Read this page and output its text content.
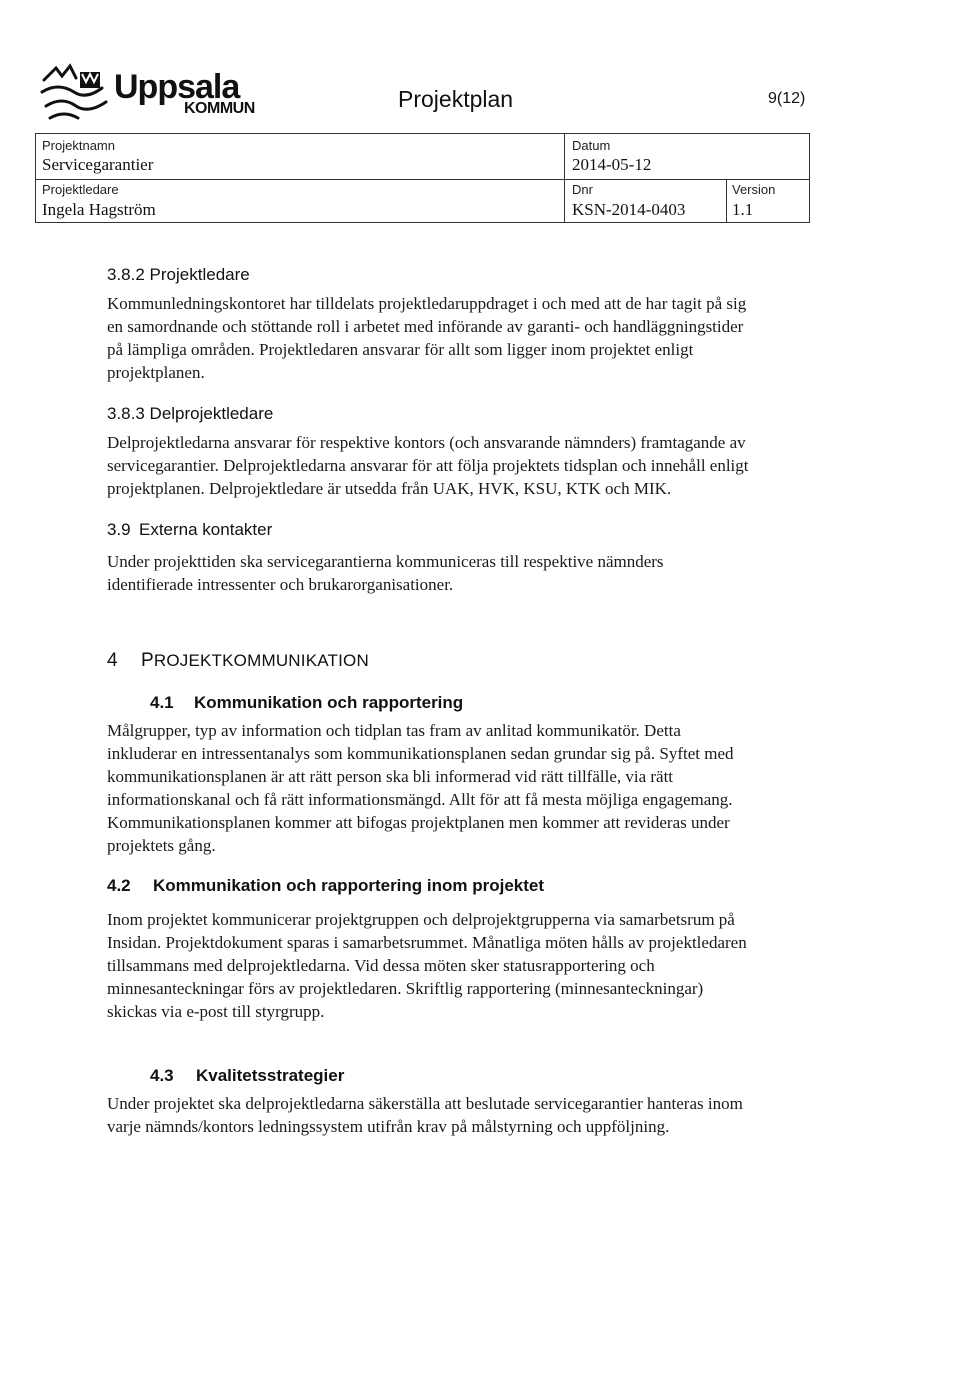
Uppsala
KOMMUN	Projektplan	9(12)
Projektnamn
Servicegarantier
Datum
2014-05-12
Projektledare
Ingela Hagström
Dnr
KSN-2014-0403
Version
1.1
3.8.2 Projektledare

Kommunledningskontoret har tilldelats projektledaruppdraget i och med att de har tagit på sig

en samordnande och stöttande roll i arbetet med införande av garanti- och handläggningstider

på lämpliga områden. Projektledaren ansvarar för allt som ligger inom projektet enligt

projektplanen.

3.8.3 Delprojektledare

Delprojektledarna ansvarar för respektive kontors (och ansvarande nämnders) framtagande av

servicegarantier. Delprojektledarna ansvarar för att följa projektets tidsplan och innehåll enligt

projektplanen. Delprojektledare är utsedda från UAK, HVK, KSU, KTK och MIK.

3.9 Externa kontakter

Under projekttiden ska servicegarantierna kommuniceras till respektive nämnders

identifierade intressenter och brukarorganisationer.

4 PROJEKTKOMMUNIKATION
4.1 Kommunikation och rapportering

Målgrupper, typ av information och tidplan tas fram av anlitad kommunikatör. Detta

inkluderar en intressentanalys som kommunikationsplanen sedan grundar sig på. Syftet med

kommunikationsplanen är att rätt person ska bli informerad vid rätt tillfälle, via rätt

informationskanal och få rätt informationsmängd. Allt för att få mesta möjliga engagemang.

Kommunikationsplanen kommer att bifogas projektplanen men kommer att revideras under

projektets gång.

4.2 Kommunikation och rapportering inom projektet

Inom projektet kommunicerar projektgruppen och delprojektgrupperna via samarbetsrum på

Insidan. Projektdokument sparas i samarbetsrummet. Månatliga möten hålls av projektledaren

tillsammans med delprojektledarna. Vid dessa möten sker statusrapportering och

minnesanteckningar förs av projektledaren. Skriftlig rapportering (minnesanteckningar)

skickas via e-post till styrgrupp.

4.3 Kvalitetsstrategier

Under projektet ska delprojektledarna säkerställa att beslutade servicegarantier hanteras inom

varje nämnds/kontors ledningssystem utifrån krav på målstyrning och uppföljning.
